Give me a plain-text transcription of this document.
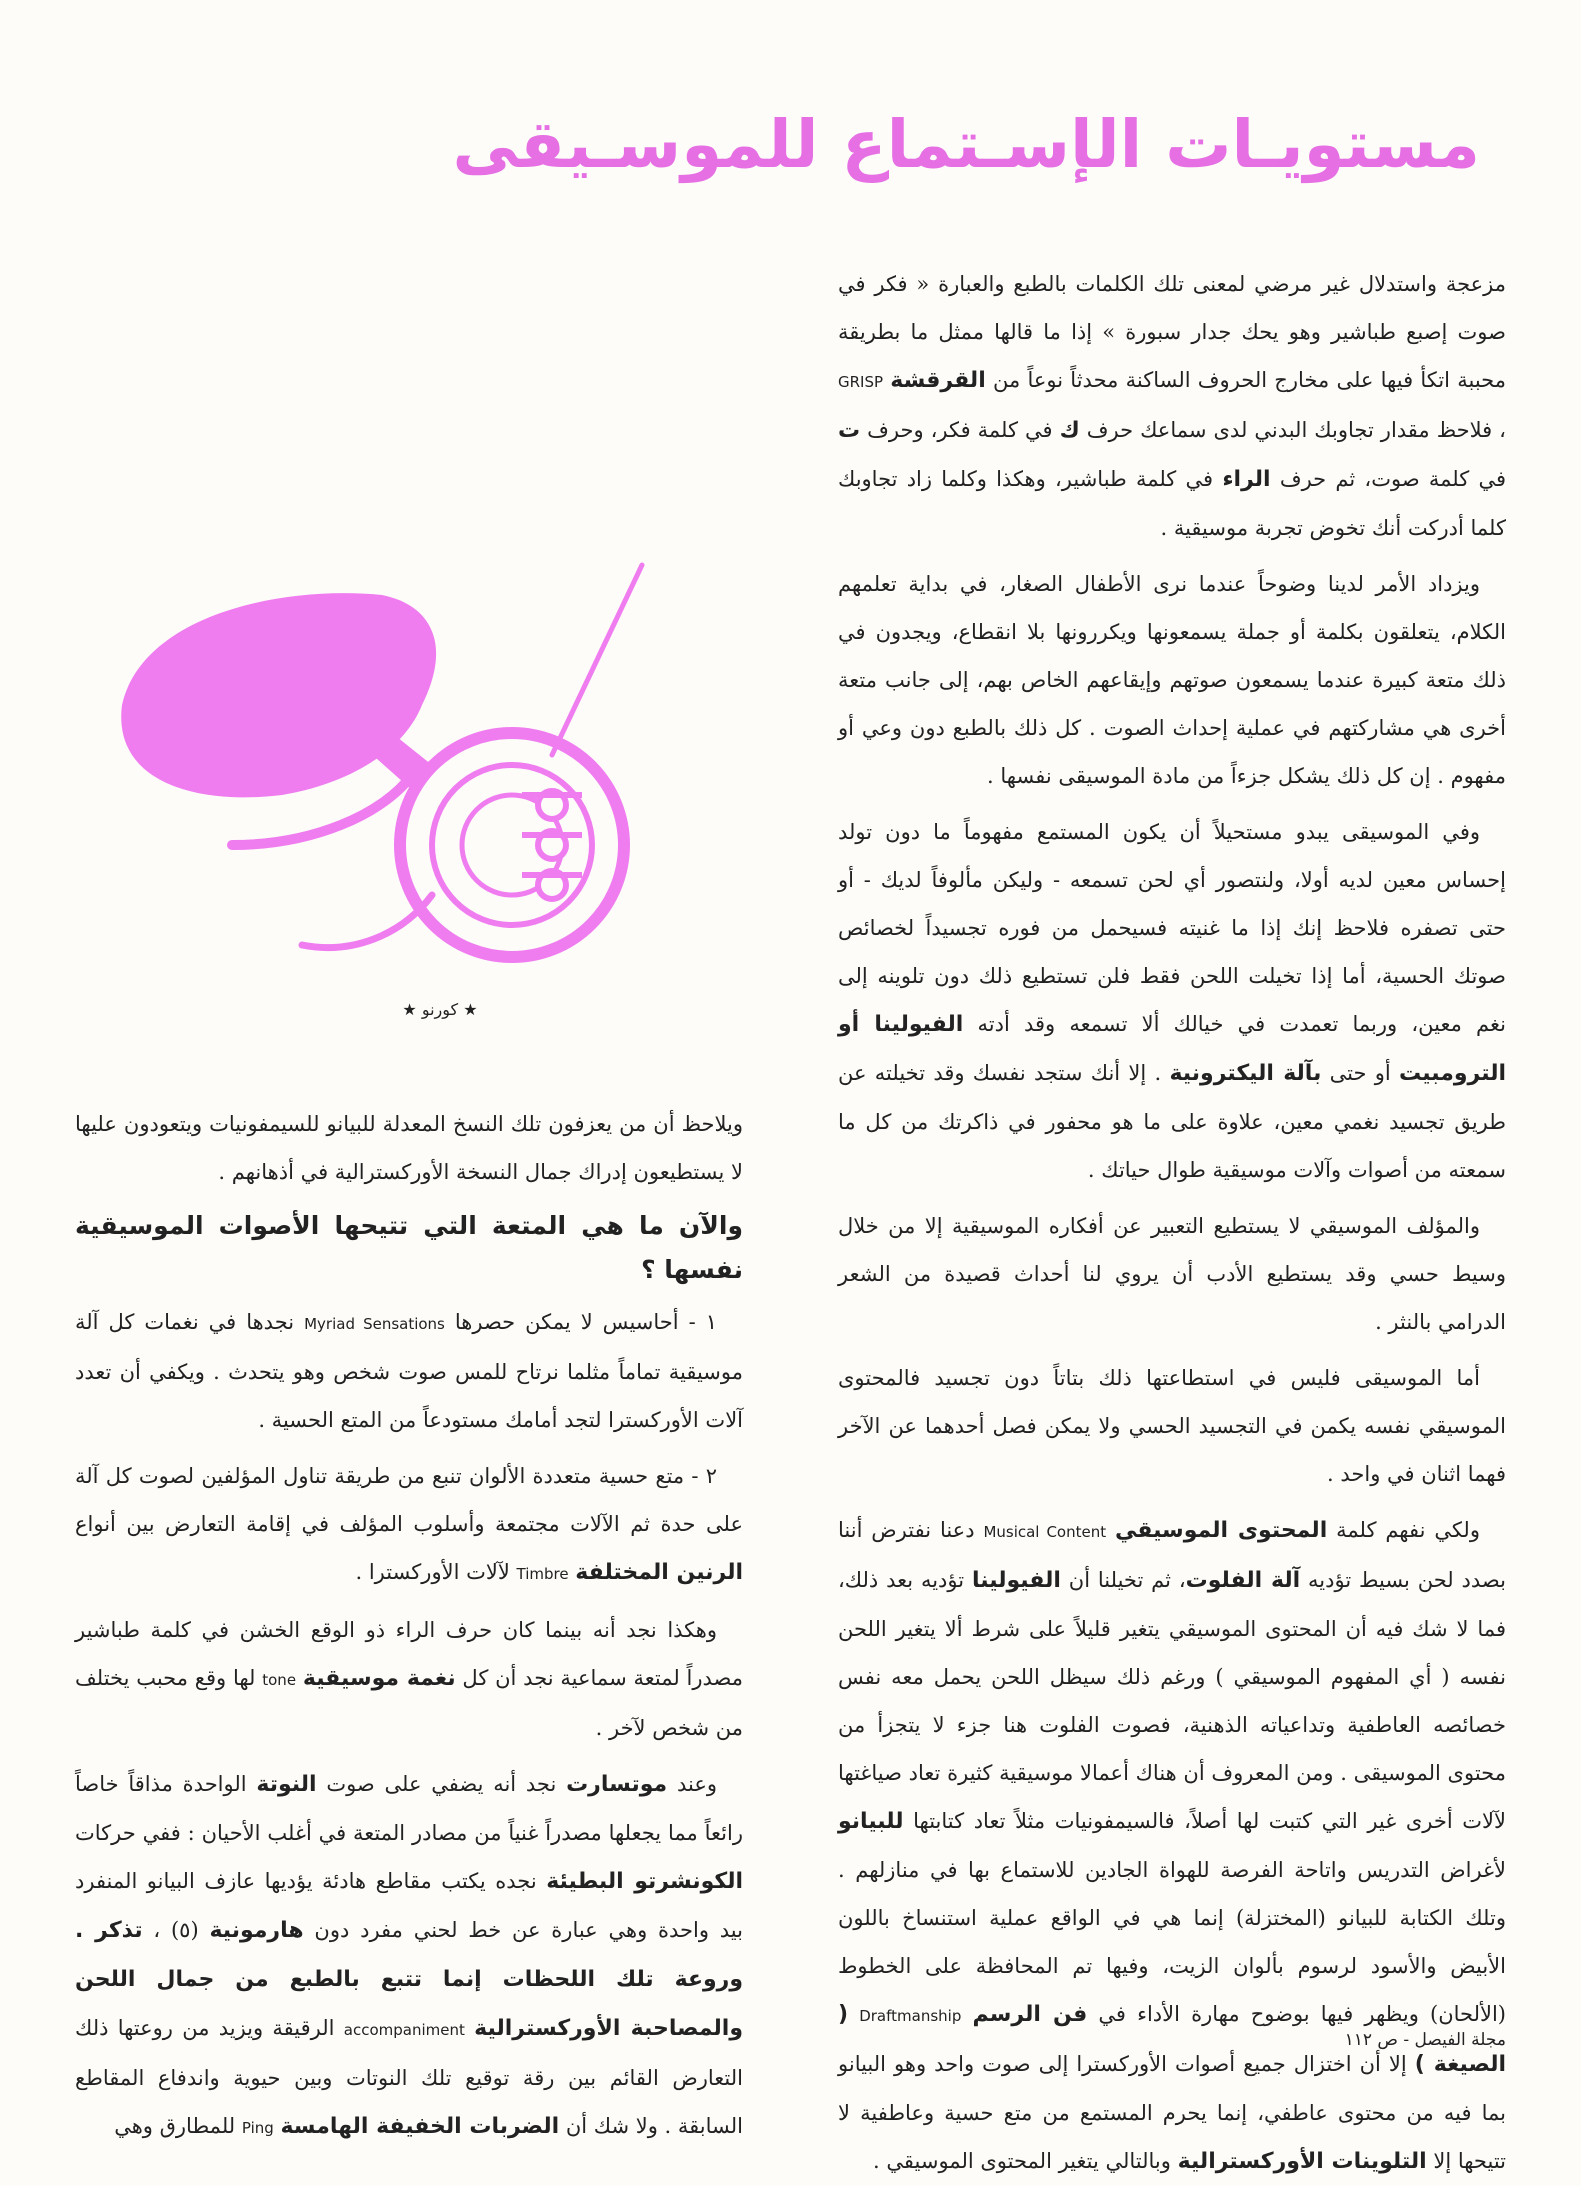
مستويـات الإسـتماع للموسـيقى
★ كورنو ★

مزعجة واستدلال غير مرضي لمعنى تلك الكلمات بالطبع والعبارة « فكر في صوت إصبع طباشير وهو يحك جدار سبورة » إذا ما قالها ممثل ما بطريقة محببة اتكأ فيها على مخارج الحروف الساكنة محدثاً نوعاً من القرقشة GRISP ، فلاحظ مقدار تجاوبك البدني لدى سماعك حرف ك في كلمة فكر، وحرف ت في كلمة صوت، ثم حرف الراء في كلمة طباشير، وهكذا وكلما زاد تجاوبك كلما أدركت أنك تخوض تجربة موسيقية .

ويزداد الأمر لدينا وضوحاً عندما نرى الأطفال الصغار، في بداية تعلمهم الكلام، يتعلقون بكلمة أو جملة يسمعونها ويكررونها بلا انقطاع، ويجدون في ذلك متعة كبيرة عندما يسمعون صوتهم وإيقاعهم الخاص بهم، إلى جانب متعة أخرى هي مشاركتهم في عملية إحداث الصوت . كل ذلك بالطبع دون وعي أو مفهوم . إن كل ذلك يشكل جزءاً من مادة الموسيقى نفسها .

وفي الموسيقى يبدو مستحيلاً أن يكون المستمع مفهوماً ما دون تولد إحساس معين لديه أولا، ولنتصور أي لحن تسمعه - وليكن مألوفاً لديك - أو حتى تصفره فلاحظ إنك إذا ما غنيته فسيحمل من فوره تجسيداً لخصائص صوتك الحسية، أما إذا تخيلت اللحن فقط فلن تستطيع ذلك دون تلوينه إلى نغم معين، وربما تعمدت في خيالك ألا تسمعه وقد أدته الفيولينا أو الترومبيت أو حتى بآلة اليكترونية . إلا أنك ستجد نفسك وقد تخيلته عن طريق تجسيد نغمي معين، علاوة على ما هو محفور في ذاكرتك من كل ما سمعته من أصوات وآلات موسيقية طوال حياتك .

والمؤلف الموسيقي لا يستطيع التعبير عن أفكاره الموسيقية إلا من خلال وسيط حسي وقد يستطيع الأدب أن يروي لنا أحداث قصيدة من الشعر الدرامي بالنثر .

أما الموسيقى فليس في استطاعتها ذلك بتاتاً دون تجسيد فالمحتوى الموسيقي نفسه يكمن في التجسيد الحسي ولا يمكن فصل أحدهما عن الآخر فهما اثنان في واحد .

ولكي نفهم كلمة المحتوى الموسيقي Musical Content دعنا نفترض أننا بصدد لحن بسيط تؤديه آلة الفلوت، ثم تخيلنا أن الفيولينا تؤديه بعد ذلك، فما لا شك فيه أن المحتوى الموسيقي يتغير قليلاً على شرط ألا يتغير اللحن نفسه ( أي المفهوم الموسيقي ) ورغم ذلك سيظل اللحن يحمل معه نفس خصائصه العاطفية وتداعياته الذهنية، فصوت الفلوت هنا جزء لا يتجزأ من محتوى الموسيقى . ومن المعروف أن هناك أعمالا موسيقية كثيرة تعاد صياغتها لآلات أخرى غير التي كتبت لها أصلاً، فالسيمفونيات مثلاً تعاد كتابتها للبيانو لأغراض التدريس واتاحة الفرصة للهواة الجادين للاستماع بها في منازلهم . وتلك الكتابة للبيانو (المختزلة) إنما هي في الواقع عملية استنساخ باللون الأبيض والأسود لرسوم بألوان الزيت، وفيها تم المحافظة على الخطوط (الألحان) ويظهر فيها بوضوح مهارة الأداء في فن الرسم Draftmanship ( الصيغة ) إلا أن اختزال جميع أصوات الأوركسترا إلى صوت واحد وهو البيانو بما فيه من محتوى عاطفي، إنما يحرم المستمع من متع حسية وعاطفية لا تتيحها إلا التلوينات الأوركسترالية وبالتالي يتغير المحتوى الموسيقي .

ويلاحظ أن من يعزفون تلك النسخ المعدلة للبيانو للسيمفونيات ويتعودون عليها لا يستطيعون إدراك جمال النسخة الأوركسترالية في أذهانهم .

والآن ما هي المتعة التي تتيحها الأصوات الموسيقية نفسها ؟

١ - أحاسيس لا يمكن حصرها Myriad Sensations نجدها في نغمات كل آلة موسيقية تماماً مثلما نرتاح للمس صوت شخص وهو يتحدث . ويكفي أن تعدد آلات الأوركسترا لتجد أمامك مستودعاً من المتع الحسية .

٢ - متع حسية متعددة الألوان تنبع من طريقة تناول المؤلفين لصوت كل آلة على حدة ثم الآلات مجتمعة وأسلوب المؤلف في إقامة التعارض بين أنواع الرنين المختلفة Timbre لآلات الأوركسترا .

وهكذا نجد أنه بينما كان حرف الراء ذو الوقع الخشن في كلمة طباشير مصدراً لمتعة سماعية نجد أن كل نغمة موسيقية tone لها وقع محبب يختلف من شخص لآخر .

وعند موتسارت نجد أنه يضفي على صوت النوتة الواحدة مذاقاً خاصاً رائعاً مما يجعلها مصدراً غنياً من مصادر المتعة في أغلب الأحيان : ففي حركات الكونشرتو البطيئة نجده يكتب مقاطع هادئة يؤديها عازف البيانو المنفرد بيد واحدة وهي عبارة عن خط لحني مفرد دون هارمونية (٥) ، تذكر . وروعة تلك اللحظات إنما تتبع بالطبع من جمال اللحن والمصاحبة الأوركسترالية accompaniment الرقيقة ويزيد من روعتها ذلك التعارض القائم بين رقة توقيع تلك النوتات وبين حيوية واندفاع المقاطع السابقة . ولا شك أن الضربات الخفيفة الهامسة Ping للمطارق وهي

مجلة الفيصل - ص ١١٢
